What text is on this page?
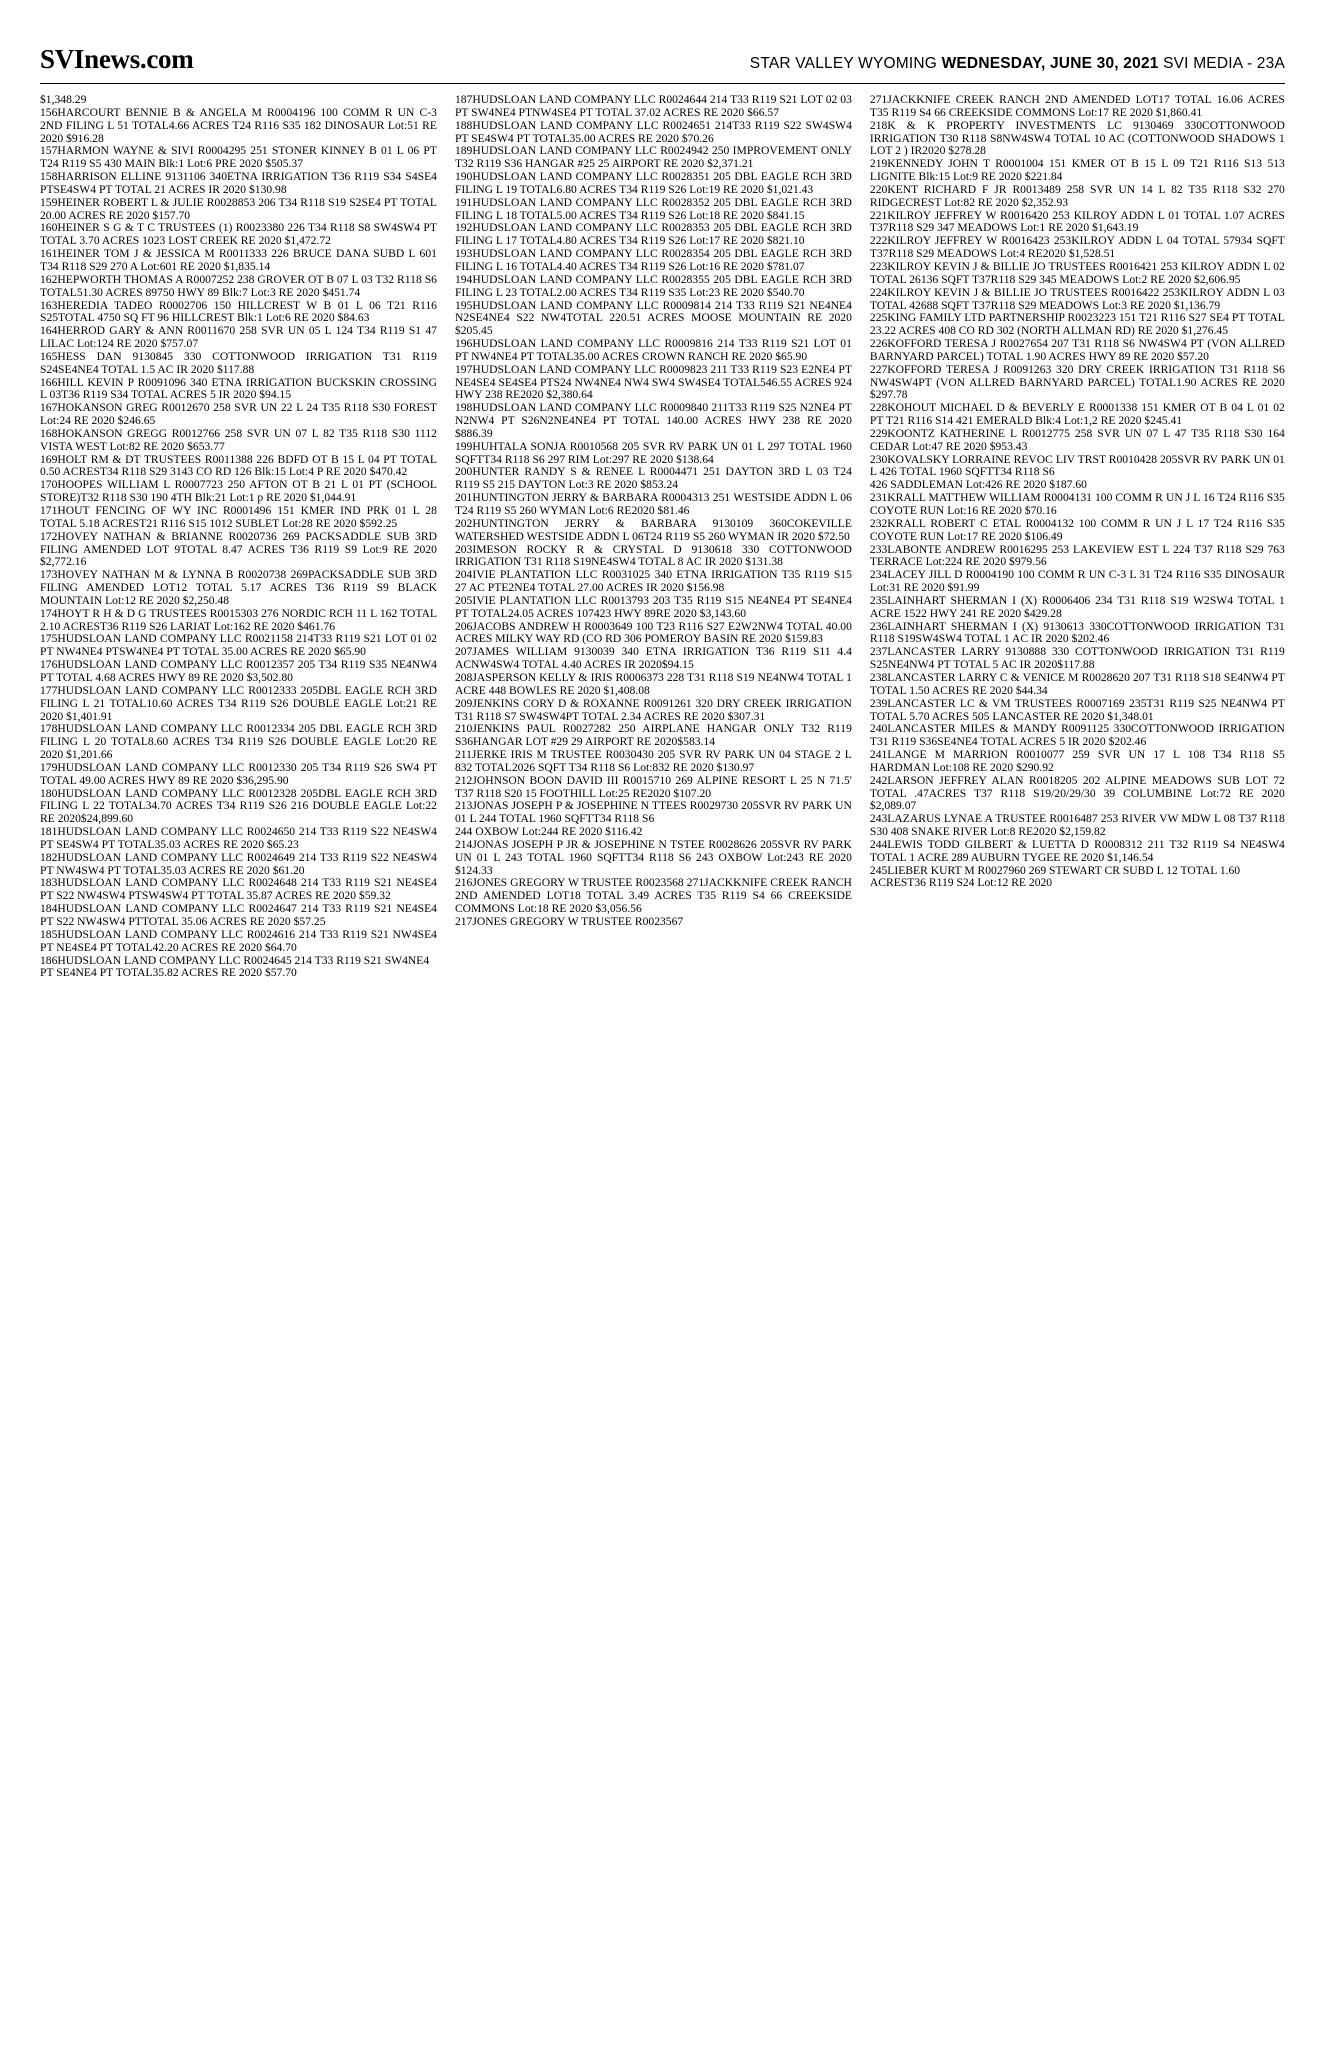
SVInews.com	STAR VALLEY WYOMING WEDNESDAY, JUNE 30, 2021 SVI MEDIA - 23A

$1,348.29

156HARCOURT BENNIE B & ANGELA M R0004196 100 COMM R UN C-3 2ND FILING L 51 TOTAL4.66 ACRES T24 R116 S35 182 DINOSAUR Lot:51 RE 2020 $916.28

157HARMON WAYNE & SIVI R0004295 251 STONER KINNEY B 01 L 06 PT T24 R119 S5 430 MAIN Blk:1 Lot:6 PRE 2020 $505.37

158HARRISON ELLINE 9131106 340ETNA IRRIGATION T36 R119 S34 S4SE4 PTSE4SW4 PT TOTAL 21 ACRES IR 2020 $130.98

159HEINER ROBERT L & JULIE R0028853 206 T34 R118 S19 S2SE4 PT TOTAL 20.00 ACRES RE 2020 $157.70

160HEINER S G & T C TRUSTEES (1) R0023380 226 T34 R118 S8 SW4SW4 PT TOTAL 3.70 ACRES 1023 LOST CREEK RE 2020 $1,472.72

161HEINER TOM J & JESSICA M R0011333 226 BRUCE DANA SUBD L 601 T34 R118 S29 270 A Lot:601 RE 2020 $1,835.14

162HEPWORTH THOMAS A R0007252 238 GROVER OT B 07 L 03 T32 R118 S6 TOTAL51.30 ACRES 89750 HWY 89 Blk:7 Lot:3 RE 2020 $451.74

163HEREDIA TADEO R0002706 150 HILLCREST W B 01 L 06 T21 R116 S25TOTAL 4750 SQ FT 96 HILLCREST Blk:1 Lot:6 RE 2020 $84.63

164HERROD GARY & ANN R0011670 258 SVR UN 05 L 124 T34 R119 S1 47 LILAC Lot:124 RE 2020 $757.07

165HESS DAN 9130845 330 COTTONWOOD IRRIGATION T31 R119 S24SE4NE4 TOTAL 1.5 AC IR 2020 $117.88

166HILL KEVIN P R0091096 340 ETNA IRRIGATION BUCKSKIN CROSSING L 03T36 R119 S34 TOTAL ACRES 5 IR 2020 $94.15

167HOKANSON GREG R0012670 258 SVR UN 22 L 24 T35 R118 S30 FOREST Lot:24 RE 2020 $246.65

168HOKANSON GREGG R0012766 258 SVR UN 07 L 82 T35 R118 S30 1112 VISTA WEST Lot:82 RE 2020 $653.77

169HOLT RM & DT TRUSTEES R0011388 226 BDFD OT B 15 L 04 PT TOTAL 0.50 ACREST34 R118 S29 3143 CO RD 126 Blk:15 Lot:4 P RE 2020 $470.42

170HOOPES WILLIAM L R0007723 250 AFTON OT B 21 L 01 PT (SCHOOL STORE)T32 R118 S30 190 4TH Blk:21 Lot:1 p RE 2020 $1,044.91

171HOUT FENCING OF WY INC R0001496 151 KMER IND PRK 01 L 28 TOTAL 5.18 ACREST21 R116 S15 1012 SUBLET Lot:28 RE 2020 $592.25

172HOVEY NATHAN & BRIANNE R0020736 269 PACKSADDLE SUB 3RD FILING AMENDED LOT 9TOTAL 8.47 ACRES T36 R119 S9 Lot:9 RE 2020 $2,772.16

173HOVEY NATHAN M & LYNNA B R0020738 269PACKSADDLE SUB 3RD FILING AMENDED LOT12 TOTAL 5.17 ACRES T36 R119 S9 BLACK MOUNTAIN Lot:12 RE 2020 $2,250.48

174HOYT R H & D G TRUSTEES R0015303 276 NORDIC RCH 11 L 162 TOTAL 2.10 ACREST36 R119 S26 LARIAT Lot:162 RE 2020 $461.76

175HUDSLOAN LAND COMPANY LLC R0021158 214T33 R119 S21 LOT 01 02 PT NW4NE4 PTSW4NE4 PT TOTAL 35.00 ACRES RE 2020 $65.90

176HUDSLOAN LAND COMPANY LLC R0012357 205 T34 R119 S35 NE4NW4 PT TOTAL 4.68 ACRES HWY 89 RE 2020 $3,502.80

177HUDSLOAN LAND COMPANY LLC R0012333 205DBL EAGLE RCH 3RD FILING L 21 TOTAL10.60 ACRES T34 R119 S26 DOUBLE EAGLE Lot:21 RE 2020 $1,401.91

178HUDSLOAN LAND COMPANY LLC R0012334 205 DBL EAGLE RCH 3RD FILING L 20 TOTAL8.60 ACRES T34 R119 S26 DOUBLE EAGLE Lot:20 RE 2020 $1,201.66

179HUDSLOAN LAND COMPANY LLC R0012330 205 T34 R119 S26 SW4 PT TOTAL 49.00 ACRES HWY 89 RE 2020 $36,295.90

180HUDSLOAN LAND COMPANY LLC R0012328 205DBL EAGLE RCH 3RD FILING L 22 TOTAL34.70 ACRES T34 R119 S26 216 DOUBLE EAGLE Lot:22 RE 2020$24,899.60

181HUDSLOAN LAND COMPANY LLC R0024650 214 T33 R119 S22 NE4SW4 PT SE4SW4 PT TOTAL35.03 ACRES RE 2020 $65.23

182HUDSLOAN LAND COMPANY LLC R0024649 214 T33 R119 S22 NE4SW4 PT NW4SW4 PT TOTAL35.03 ACRES RE 2020 $61.20

183HUDSLOAN LAND COMPANY LLC R0024648 214 T33 R119 S21 NE4SE4 PT S22 NW4SW4 PTSW4SW4 PT TOTAL 35.87 ACRES RE 2020 $59.32

184HUDSLOAN LAND COMPANY LLC R0024647 214 T33 R119 S21 NE4SE4 PT S22 NW4SW4 PTTOTAL 35.06 ACRES RE 2020 $57.25

185HUDSLOAN LAND COMPANY LLC R0024616 214 T33 R119 S21 NW4SE4 PT NE4SE4 PT TOTAL42.20 ACRES RE 2020 $64.70

186HUDSLOAN LAND COMPANY LLC R0024645 214 T33 R119 S21 SW4NE4 PT SE4NE4 PT TOTAL35.82 ACRES RE 2020 $57.70

187HUDSLOAN LAND COMPANY LLC R0024644 214 T33 R119 S21 LOT 02 03 PT SW4NE4 PTNW4SE4 PT TOTAL 37.02 ACRES RE 2020 $66.57

188HUDSLOAN LAND COMPANY LLC R0024651 214T33 R119 S22 SW4SW4 PT SE4SW4 PT TOTAL35.00 ACRES RE 2020 $70.26

189HUDSLOAN LAND COMPANY LLC R0024942 250 IMPROVEMENT ONLY T32 R119 S36 HANGAR #25 25 AIRPORT RE 2020 $2,371.21

190HUDSLOAN LAND COMPANY LLC R0028351 205 DBL EAGLE RCH 3RD FILING L 19 TOTAL6.80 ACRES T34 R119 S26 Lot:19 RE 2020 $1,021.43

191HUDSLOAN LAND COMPANY LLC R0028352 205 DBL EAGLE RCH 3RD FILING L 18 TOTAL5.00 ACRES T34 R119 S26 Lot:18 RE 2020 $841.15

192HUDSLOAN LAND COMPANY LLC R0028353 205 DBL EAGLE RCH 3RD FILING L 17 TOTAL4.80 ACRES T34 R119 S26 Lot:17 RE 2020 $821.10

193HUDSLOAN LAND COMPANY LLC R0028354 205 DBL EAGLE RCH 3RD FILING L 16 TOTAL4.40 ACRES T34 R119 S26 Lot:16 RE 2020 $781.07

194HUDSLOAN LAND COMPANY LLC R0028355 205 DBL EAGLE RCH 3RD FILING L 23 TOTAL2.00 ACRES T34 R119 S35 Lot:23 RE 2020 $540.70

195HUDSLOAN LAND COMPANY LLC R0009814 214 T33 R119 S21 NE4NE4 N2SE4NE4 S22 NW4TOTAL 220.51 ACRES MOOSE MOUNTAIN RE 2020 $205.45

196HUDSLOAN LAND COMPANY LLC R0009816 214 T33 R119 S21 LOT 01 PT NW4NE4 PT TOTAL35.00 ACRES CROWN RANCH RE 2020 $65.90

197HUDSLOAN LAND COMPANY LLC R0009823 211 T33 R119 S23 E2NE4 PT NE4SE4 SE4SE4 PTS24 NW4NE4 NW4 SW4 SW4SE4 TOTAL546.55 ACRES 924 HWY 238 RE2020 $2,380.64

198HUDSLOAN LAND COMPANY LLC R0009840 211T33 R119 S25 N2NE4 PT N2NW4 PT S26N2NE4NE4 PT TOTAL 140.00 ACRES HWY 238 RE 2020 $886.39

199HUHTALA SONJA R0010568 205 SVR RV PARK UN 01 L 297 TOTAL 1960 SQFTT34 R118 S6 297 RIM Lot:297 RE 2020 $138.64

200HUNTER RANDY S & RENEE L R0004471 251 DAYTON 3RD L 03 T24 R119 S5 215 DAYTON Lot:3 RE 2020 $853.24

201HUNTINGTON JERRY & BARBARA R0004313 251 WESTSIDE ADDN L 06 T24 R119 S5 260 WYMAN Lot:6 RE2020 $81.46

202HUNTINGTON JERRY & BARBARA 9130109 360COKEVILLE WATERSHED WESTSIDE ADDN L 06T24 R119 S5 260 WYMAN IR 2020 $72.50

203IMESON ROCKY R & CRYSTAL D 9130618 330 COTTONWOOD IRRIGATION T31 R118 S19NE4SW4 TOTAL 8 AC IR 2020 $131.38

204IVIE PLANTATION LLC R0031025 340 ETNA IRRIGATION T35 R119 S15 27 AC PTE2NE4 TOTAL 27.00 ACRES IR 2020 $156.98

205IVIE PLANTATION LLC R0013793 203 T35 R119 S15 NE4NE4 PT SE4NE4 PT TOTAL24.05 ACRES 107423 HWY 89RE 2020 $3,143.60

206JACOBS ANDREW H R0003649 100 T23 R116 S27 E2W2NW4 TOTAL 40.00 ACRES MILKY WAY RD (CO RD 306 POMEROY BASIN RE 2020 $159.83

207JAMES WILLIAM 9130039 340 ETNA IRRIGATION T36 R119 S11 4.4 ACNW4SW4 TOTAL 4.40 ACRES IR 2020$94.15

208JASPERSON KELLY & IRIS R0006373 228 T31 R118 S19 NE4NW4 TOTAL 1 ACRE 448 BOWLES RE 2020 $1,408.08

209JENKINS CORY D & ROXANNE R0091261 320 DRY CREEK IRRIGATION T31 R118 S7 SW4SW4PT TOTAL 2.34 ACRES RE 2020 $307.31

210JENKINS PAUL R0027282 250 AIRPLANE HANGAR ONLY T32 R119 S36HANGAR LOT #29 29 AIRPORT RE 2020$583.14

211JERKE IRIS M TRUSTEE R0030430 205 SVR RV PARK UN 04 STAGE 2 L 832 TOTAL2026 SQFT T34 R118 S6 Lot:832 RE 2020 $130.97

212JOHNSON BOON DAVID III R0015710 269 ALPINE RESORT L 25 N 71.5' T37 R118 S20 15 FOOTHILL Lot:25 RE2020 $107.20

213JONAS JOSEPH P & JOSEPHINE N TTEES R0029730 205SVR RV PARK UN 01 L 244 TOTAL 1960 SQFTT34 R118 S6

244 OXBOW Lot:244 RE 2020 $116.42

214JONAS JOSEPH P JR & JOSEPHINE N TSTEE R0028626 205SVR RV PARK UN 01 L 243 TOTAL 1960 SQFTT34 R118 S6 243 OXBOW Lot:243 RE 2020 $124.33

216JONES GREGORY W TRUSTEE R0023568 271JACKKNIFE CREEK RANCH 2ND AMENDED LOT18 TOTAL 3.49 ACRES T35 R119 S4 66 CREEKSIDE COMMONS Lot:18 RE 2020 $3,056.56

217JONES GREGORY W TRUSTEE R0023567

271JACKKNIFE CREEK RANCH 2ND AMENDED LOT17 TOTAL 16.06 ACRES T35 R119 S4 66 CREEKSIDE COMMONS Lot:17 RE 2020 $1,860.41

218K & K PROPERTY INVESTMENTS LC 9130469 330COTTONWOOD IRRIGATION T30 R118 S8NW4SW4 TOTAL 10 AC (COTTONWOOD SHADOWS 1 LOT 2 ) IR2020 $278.28

219KENNEDY JOHN T R0001004 151 KMER OT B 15 L 09 T21 R116 S13 513 LIGNITE Blk:15 Lot:9 RE 2020 $221.84

220KENT RICHARD F JR R0013489 258 SVR UN 14 L 82 T35 R118 S32 270 RIDGECREST Lot:82 RE 2020 $2,352.93

221KILROY JEFFREY W R0016420 253 KILROY ADDN L 01 TOTAL 1.07 ACRES T37R118 S29 347 MEADOWS Lot:1 RE 2020 $1,643.19

222KILROY JEFFREY W R0016423 253KILROY ADDN L 04 TOTAL 57934 SQFT T37R118 S29 MEADOWS Lot:4 RE2020 $1,528.51

223KILROY KEVIN J & BILLIE JO TRUSTEES R0016421 253 KILROY ADDN L 02 TOTAL 26136 SQFT T37R118 S29 345 MEADOWS Lot:2 RE 2020 $2,606.95

224KILROY KEVIN J & BILLIE JO TRUSTEES R0016422 253KILROY ADDN L 03 TOTAL 42688 SQFT T37R118 S29 MEADOWS Lot:3 RE 2020 $1,136.79

225KING FAMILY LTD PARTNERSHIP R0023223 151 T21 R116 S27 SE4 PT TOTAL 23.22 ACRES 408 CO RD 302 (NORTH ALLMAN RD) RE 2020 $1,276.45

226KOFFORD TERESA J R0027654 207 T31 R118 S6 NW4SW4 PT (VON ALLRED BARNYARD PARCEL) TOTAL 1.90 ACRES HWY 89 RE 2020 $57.20

227KOFFORD TERESA J R0091263 320 DRY CREEK IRRIGATION T31 R118 S6 NW4SW4PT (VON ALLRED BARNYARD PARCEL) TOTAL1.90 ACRES RE 2020 $297.78

228KOHOUT MICHAEL D & BEVERLY E R0001338 151 KMER OT B 04 L 01 02 PT T21 R116 S14 421 EMERALD Blk:4 Lot:1,2 RE 2020 $245.41

229KOONTZ KATHERINE L R0012775 258 SVR UN 07 L 47 T35 R118 S30 164 CEDAR Lot:47 RE 2020 $953.43

230KOVALSKY LORRAINE REVOC LIV TRST R0010428 205SVR RV PARK UN 01 L 426 TOTAL 1960 SQFTT34 R118 S6

426 SADDLEMAN Lot:426 RE 2020 $187.60

231KRALL MATTHEW WILLIAM R0004131 100 COMM R UN J L 16 T24 R116 S35 COYOTE RUN Lot:16 RE 2020 $70.16

232KRALL ROBERT C ETAL R0004132 100 COMM R UN J L 17 T24 R116 S35 COYOTE RUN Lot:17 RE 2020 $106.49

233LABONTE ANDREW R0016295 253 LAKEVIEW EST L 224 T37 R118 S29 763 TERRACE Lot:224 RE 2020 $979.56

234LACEY JILL D R0004190 100 COMM R UN C-3 L 31 T24 R116 S35 DINOSAUR Lot:31 RE 2020 $91.99

235LAINHART SHERMAN I (X) R0006406 234 T31 R118 S19 W2SW4 TOTAL 1 ACRE 1522 HWY 241 RE 2020 $429.28

236LAINHART SHERMAN I (X) 9130613 330COTTONWOOD IRRIGATION T31 R118 S19SW4SW4 TOTAL 1 AC IR 2020 $202.46

237LANCASTER LARRY 9130888 330 COTTONWOOD IRRIGATION T31 R119 S25NE4NW4 PT TOTAL 5 AC IR 2020$117.88

238LANCASTER LARRY C & VENICE M R0028620 207 T31 R118 S18 SE4NW4 PT TOTAL 1.50 ACRES RE 2020 $44.34

239LANCASTER LC & VM TRUSTEES R0007169 235T31 R119 S25 NE4NW4 PT TOTAL 5.70 ACRES 505 LANCASTER RE 2020 $1,348.01

240LANCASTER MILES & MANDY R0091125 330COTTONWOOD IRRIGATION T31 R119 S36SE4NE4 TOTAL ACRES 5 IR 2020 $202.46

241LANGE M MARRION R0010077 259 SVR UN 17 L 108 T34 R118 S5 HARDMAN Lot:108 RE 2020 $290.92

242LARSON JEFFREY ALAN R0018205 202 ALPINE MEADOWS SUB LOT 72 TOTAL .47ACRES T37 R118 S19/20/29/30 39 COLUMBINE Lot:72 RE 2020 $2,089.07

243LAZARUS LYNAE A TRUSTEE R0016487 253 RIVER VW MDW L 08 T37 R118 S30 408 SNAKE RIVER Lot:8 RE2020 $2,159.82

244LEWIS TODD GILBERT & LUETTA D R0008312 211 T32 R119 S4 NE4SW4 TOTAL 1 ACRE 289 AUBURN TYGEE RE 2020 $1,146.54

245LIEBER KURT M R0027960 269 STEWART CR SUBD L 12 TOTAL 1.60 ACREST36 R119 S24 Lot:12 RE 2020
